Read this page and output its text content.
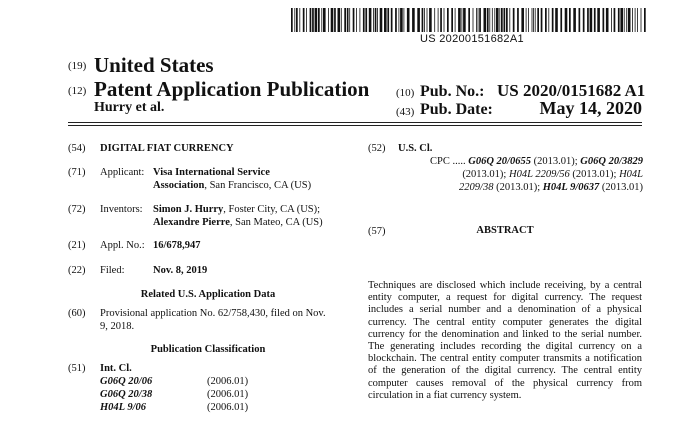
US 20200151682A1
(19) United States
(12) Patent Application Publication
Hurry et al.
(10) Pub. No.: US 2020/0151682 A1
(43) Pub. Date:	May 14, 2020
(54) DIGITAL FIAT CURRENCY
(71) Applicant: Visa International Service
Association, San Francisco, CA (US)
(72) Inventors: Simon J. Hurry, Foster City, CA (US);
Alexandre Pierre, San Mateo, CA (US)
(21) Appl. No.: 16/678,947
(22) Filed:	Nov. 8, 2019
Related U.S. Application Data
(60) Provisional application No. 62/758,430, filed on Nov.
9, 2018.
Publication Classification
(51) Int. Cl.
G06Q 20/06	(2006.01)
G06Q 20/38	(2006.01)
H04L 9/06	(2006.01)
(52) U.S. Cl.
CPC ..... G06Q 20/0655 (2013.01); G06Q 20/3829
(2013.01); H04L 2209/56 (2013.01); H04L
2209/38 (2013.01); H04L 9/0637 (2013.01)
(57)	ABSTRACT
Techniques are disclosed which include receiving, by a central entity computer, a request for digital currency. The request includes a serial number and a denomination of a physical currency. The central entity computer generates the digital currency for the denomination and linked to the serial number. The generating includes recording the digital currency on a blockchain. The central entity computer transmits a notification of the generation of the digital currency. The central entity computer causes removal of the physical currency from circulation in a fiat currency system.
